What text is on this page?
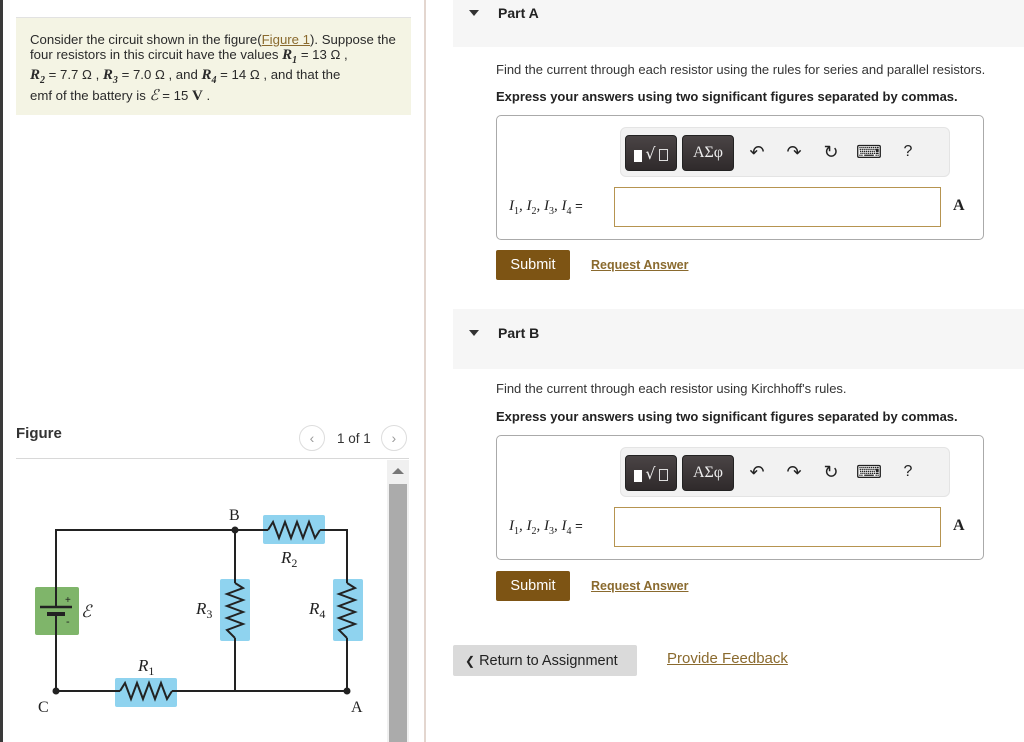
Consider the circuit shown in the figure(Figure 1). Suppose the four resistors in this circuit have the values $R_1 = 13$ Ω ,
$R_2 = 7.7$ Ω , $R_3 = 7.0$ Ω , and $R_4 = 14$ Ω , and that the
emf of the battery is ℰ = 15 V .
Figure	‹ 1 of 1 ›
+
-
B
C	A
ℰ
$R_2$
$R_3$	$R_4$
$R_1$
Part A
Find the current through each resistor using the rules for series and parallel resistors.
Express your answers using two significant figures separated by commas.
√	ΑΣφ	↶ ↷ ↻ ⌨	?
$I_1$, $I_2$, $I_3$, $I_4$ =	A
Submit	Request Answer
Part B
Find the current through each resistor using Kirchhoff's rules.
Express your answers using two significant figures separated by commas.
√	ΑΣφ	↶ ↷ ↻ ⌨	?
$I_1$, $I_2$, $I_3$, $I_4$ =	A
Submit	Request Answer
❮ Return to Assignment	Provide Feedback
